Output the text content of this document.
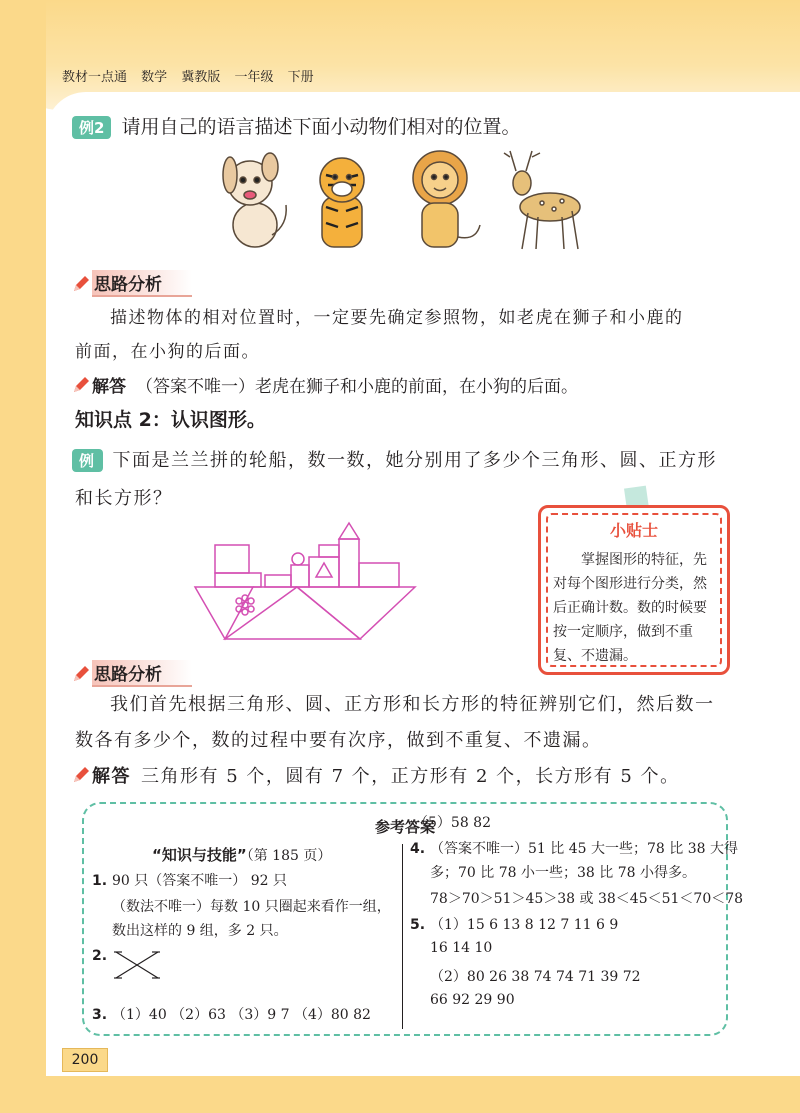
教材一点通 数学 冀教版 一年级 下册
例2 请用自己的语言描述下面小动物们相对的位置。
思路分析
描述物体的相对位置时，一定要先确定参照物，如老虎在狮子和小鹿的
前面，在小狗的后面。
解答 （答案不唯一）老虎在狮子和小鹿的前面，在小狗的后面。
知识点 2：认识图形。
例 下面是兰兰拼的轮船，数一数，她分别用了多少个三角形、圆、正方形
和长方形？
小贴士
掌握图形的特征，先对每个图形进行分类，然后正确计数。数的时候要按一定顺序，做到不重复、不遗漏。
思路分析
我们首先根据三角形、圆、正方形和长方形的特征辨别它们，然后数一
数各有多少个，数的过程中要有次序，做到不重复、不遗漏。
解答 三角形有 5 个，圆有 7 个，正方形有 2 个，长方形有 5 个。
参考答案
“知识与技能”（第 185 页）
1. 90 只（答案不唯一） 92 只
（数法不唯一）每数 10 只圈起来看作一组，
数出这样的 9 组，多 2 只。
2.
3. （1）40 （2）63 （3）9 7 （4）80 82
（5）58 82
4. （答案不唯一）51 比 45 大一些；78 比 38 大得
多；70 比 78 小一些；38 比 78 小得多。
78＞70＞51＞45＞38 或 38＜45＜51＜70＜78
5. （1）15 6 13 8 12 7 11 6 9
16 14 10
（2）80 26 38 74 74 71 39 72
66 92 29 90
200
